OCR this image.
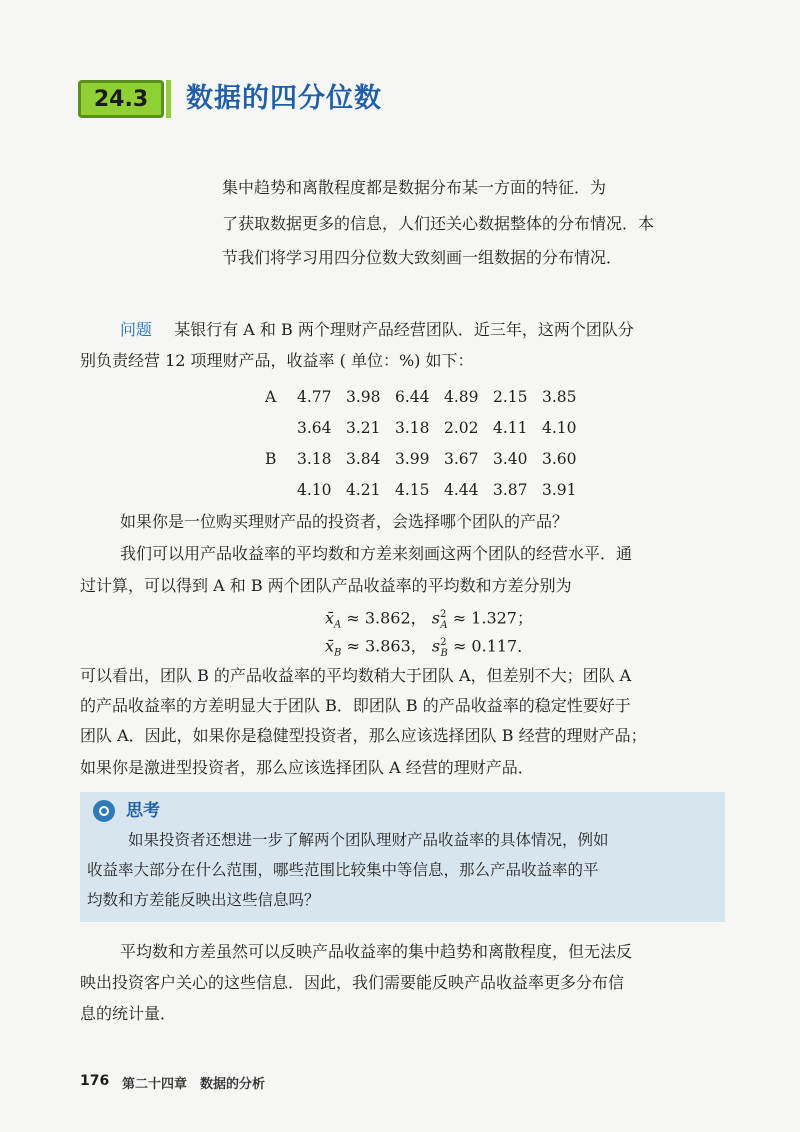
24.3 数据的四分位数
集中趋势和离散程度都是数据分布某一方面的特征．为
了获取数据更多的信息，人们还关心数据整体的分布情况．本
节我们将学习用四分位数大致刻画一组数据的分布情况．
问题 某银行有 A 和 B 两个理财产品经营团队．近三年，这两个团队分
别负责经营 12 项理财产品，收益率 ( 单位：%) 如下：
A	4.77 3.98 6.44 4.89 2.15 3.85
3.64 3.21 3.18 2.02 4.11 4.10
B	3.18 3.84 3.99 3.67 3.40 3.60
4.10 4.21 4.15 4.44 3.87 3.91
如果你是一位购买理财产品的投资者，会选择哪个团队的产品？
我们可以用产品收益率的平均数和方差来刻画这两个团队的经营水平．通
过计算，可以得到 A 和 B 两个团队产品收益率的平均数和方差分别为
$x̄_A \approx 3.862$， $s^2_A \approx 1.327$；
$x̄_B \approx 3.863$， $s^2_B \approx 0.117$．
可以看出，团队 B 的产品收益率的平均数稍大于团队 A，但差别不大；团队 A
的产品收益率的方差明显大于团队 B．即团队 B 的产品收益率的稳定性要好于
团队 A．因此，如果你是稳健型投资者，那么应该选择团队 B 经营的理财产品；
如果你是激进型投资者，那么应该选择团队 A 经营的理财产品．
思考
如果投资者还想进一步了解两个团队理财产品收益率的具体情况，例如
收益率大部分在什么范围，哪些范围比较集中等信息，那么产品收益率的平
均数和方差能反映出这些信息吗？
平均数和方差虽然可以反映产品收益率的集中趋势和离散程度，但无法反
映出投资客户关心的这些信息．因此，我们需要能反映产品收益率更多分布信
息的统计量．
176 第二十四章　数据的分析
